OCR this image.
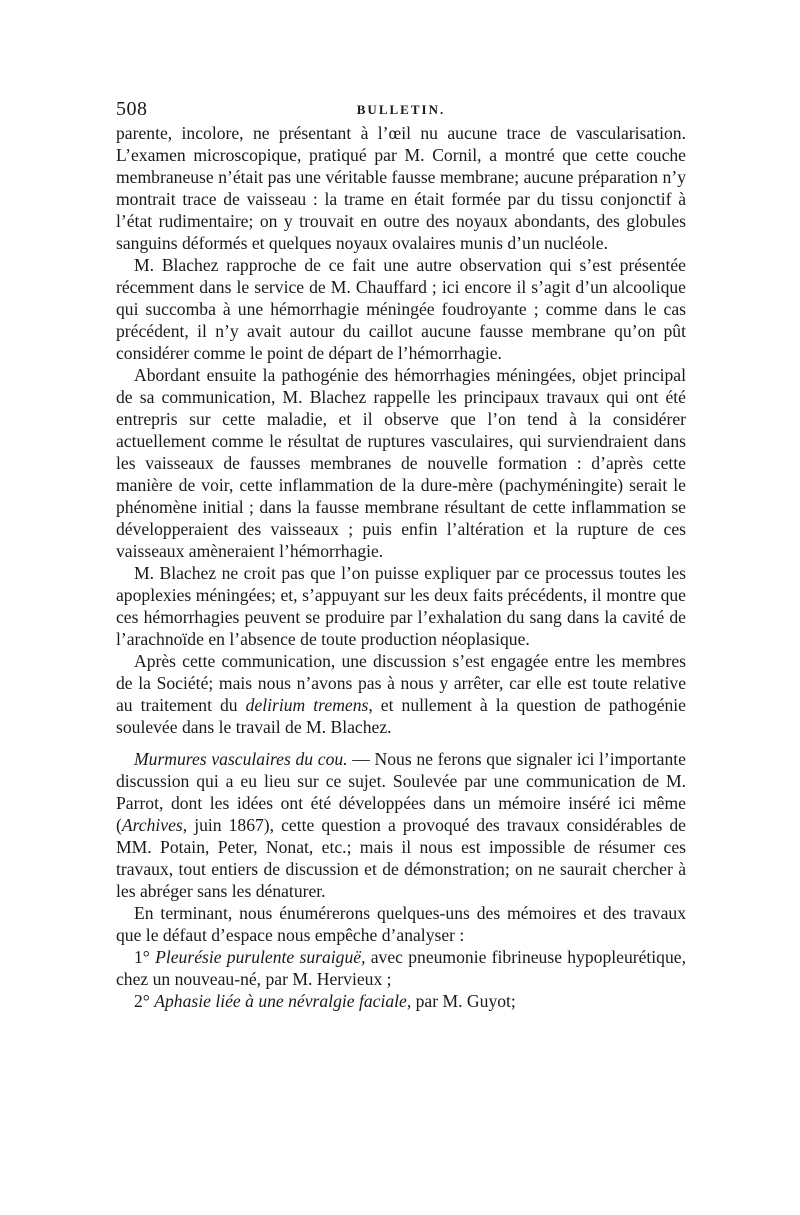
508	BULLETIN.

parente, incolore, ne présentant à l’œil nu aucune trace de vascularisation. L’examen microscopique, pratiqué par M. Cornil, a montré que cette couche membraneuse n’était pas une véritable fausse membrane; aucune préparation n’y montrait trace de vaisseau : la trame en était formée par du tissu conjonctif à l’état rudimentaire; on y trouvait en outre des noyaux abondants, des globules sanguins déformés et quelques noyaux ovalaires munis d’un nucléole.

M. Blachez rapproche de ce fait une autre observation qui s’est présentée récemment dans le service de M. Chauffard ; ici encore il s’agit d’un alcoolique qui succomba à une hémorrhagie méningée foudroyante ; comme dans le cas précédent, il n’y avait autour du caillot aucune fausse membrane qu’on pût considérer comme le point de départ de l’hémorrhagie.

Abordant ensuite la pathogénie des hémorrhagies méningées, objet principal de sa communication, M. Blachez rappelle les principaux travaux qui ont été entrepris sur cette maladie, et il observe que l’on tend à la considérer actuellement comme le résultat de ruptures vasculaires, qui surviendraient dans les vaisseaux de fausses membranes de nouvelle formation : d’après cette manière de voir, cette inflammation de la dure-mère (pachyméningite) serait le phénomène initial ; dans la fausse membrane résultant de cette inflammation se développeraient des vaisseaux ; puis enfin l’altération et la rupture de ces vaisseaux amèneraient l’hémorrhagie.

M. Blachez ne croit pas que l’on puisse expliquer par ce processus toutes les apoplexies méningées; et, s’appuyant sur les deux faits précédents, il montre que ces hémorrhagies peuvent se produire par l’exhalation du sang dans la cavité de l’arachnoïde en l’absence de toute production néoplasique.

Après cette communication, une discussion s’est engagée entre les membres de la Société; mais nous n’avons pas à nous y arrêter, car elle est toute relative au traitement du delirium tremens, et nullement à la question de pathogénie soulevée dans le travail de M. Blachez.

Murmures vasculaires du cou. — Nous ne ferons que signaler ici l’importante discussion qui a eu lieu sur ce sujet. Soulevée par une communication de M. Parrot, dont les idées ont été développées dans un mémoire inséré ici même (Archives, juin 1867), cette question a provoqué des travaux considérables de MM. Potain, Peter, Nonat, etc.; mais il nous est impossible de résumer ces travaux, tout entiers de discussion et de démonstration; on ne saurait chercher à les abréger sans les dénaturer.

En terminant, nous énumérerons quelques-uns des mémoires et des travaux que le défaut d’espace nous empêche d’analyser :

1° Pleurésie purulente suraiguë, avec pneumonie fibrineuse hypopleurétique, chez un nouveau-né, par M. Hervieux ;

2° Aphasie liée à une névralgie faciale, par M. Guyot;
